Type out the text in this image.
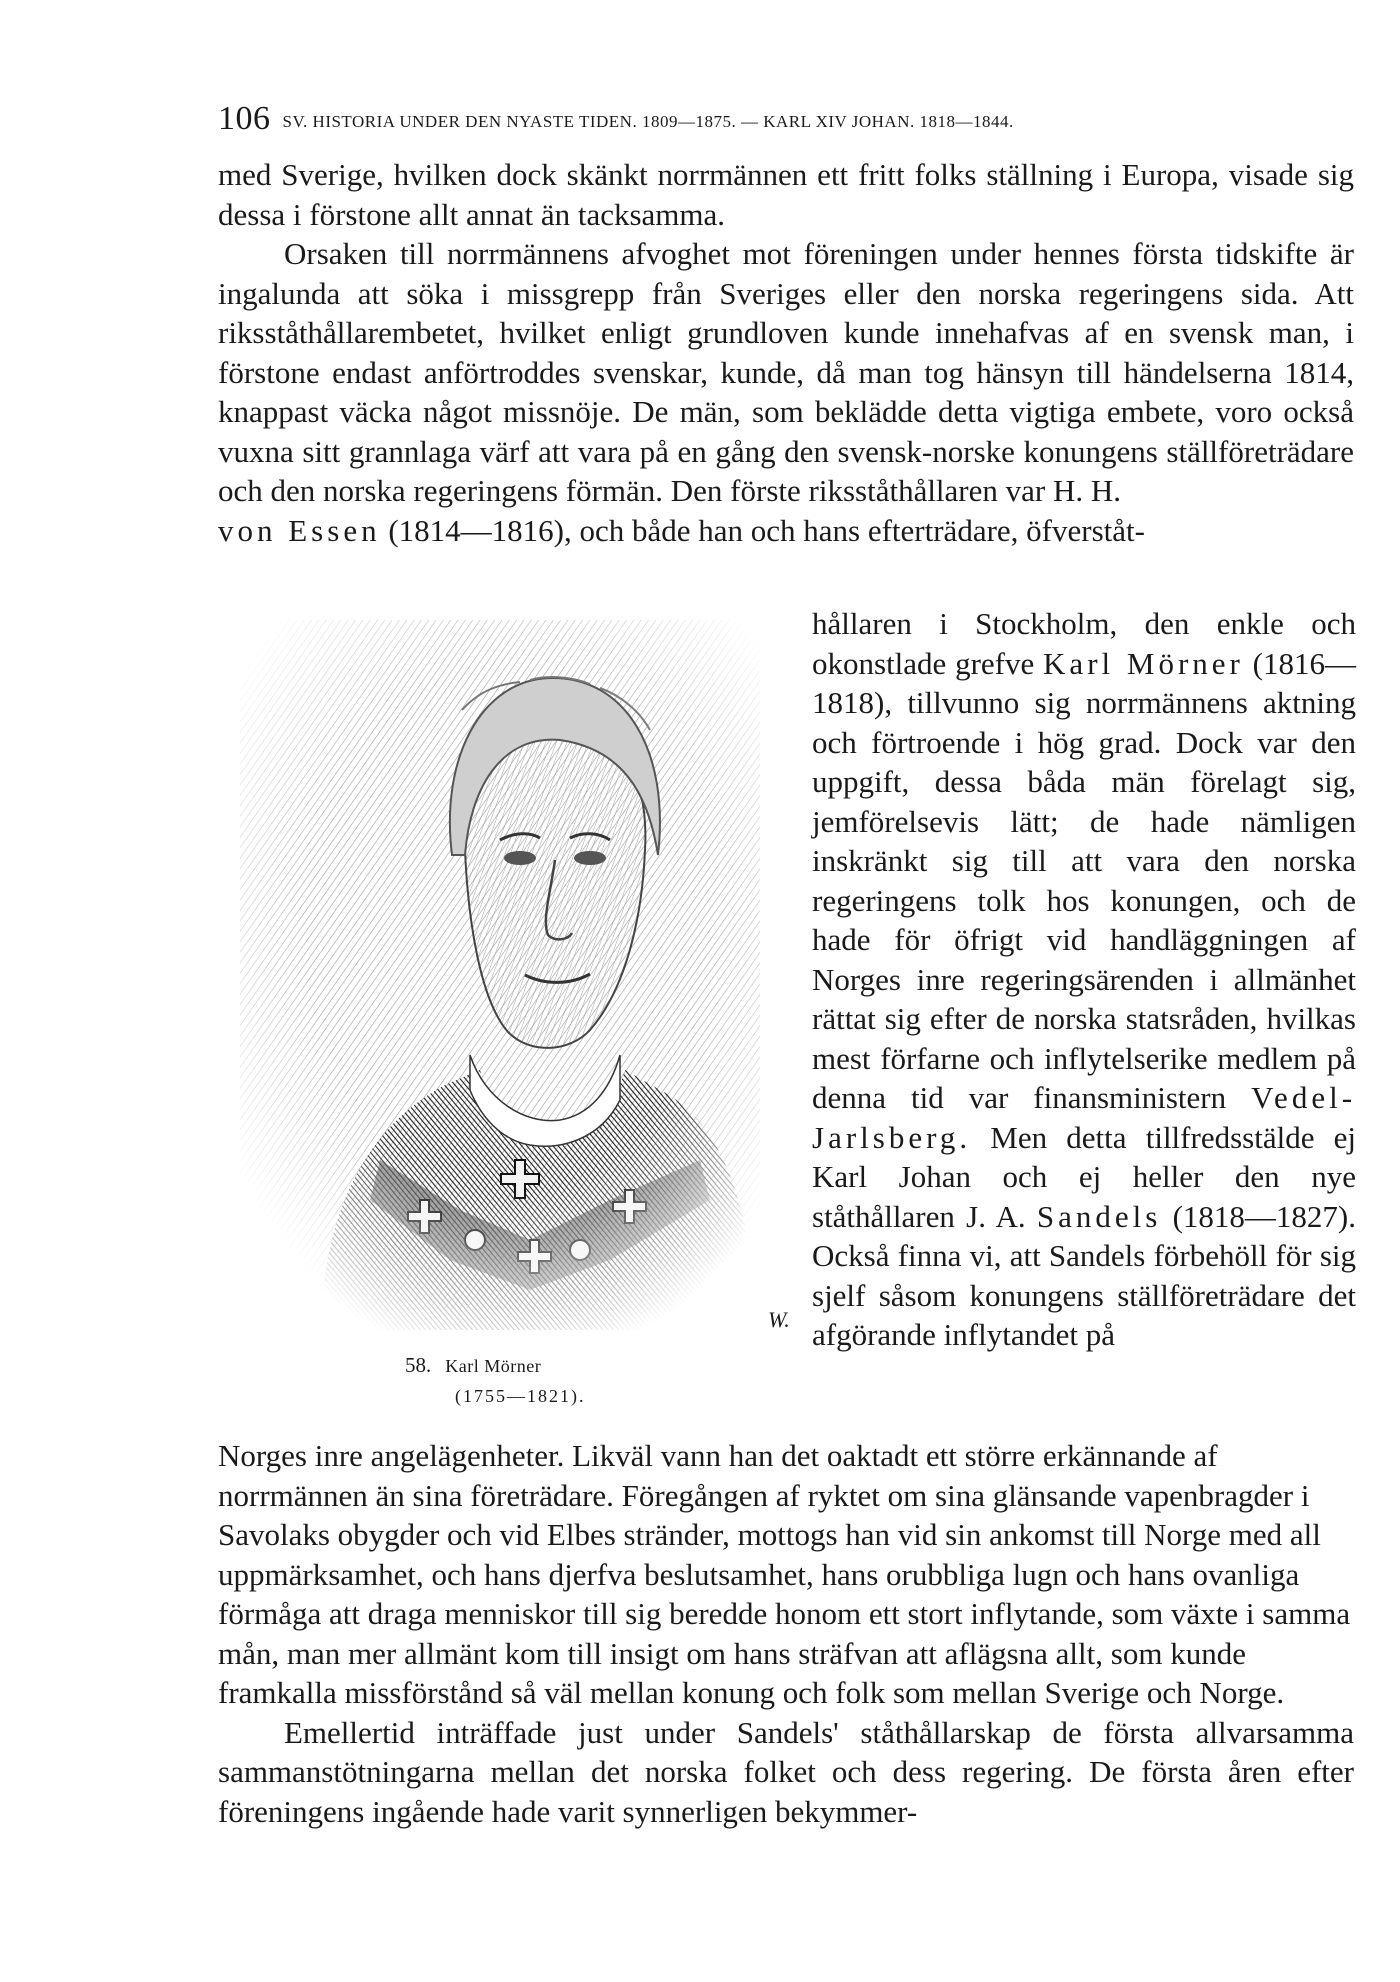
106 SV. HISTORIA UNDER DEN NYASTE TIDEN. 1809—1875. — KARL XIV JOHAN. 1818—1844.

med Sverige, hvilken dock skänkt norrmännen ett fritt folks ställning i Europa, visade sig dessa i förstone allt annat än tacksamma.

Orsaken till norrmännens afvoghet mot föreningen under hennes första tidskifte är ingalunda att söka i missgrepp från Sveriges eller den norska regeringens sida. Att riksståthållarembetet, hvilket enligt grundloven kunde innehafvas af en svensk man, i förstone endast anförtroddes svenskar, kunde, då man tog hänsyn till händelserna 1814, knappast väcka något missnöje. De män, som beklädde detta vigtiga embete, voro också vuxna sitt grannlaga värf att vara på en gång den svensk-norske konungens ställföreträdare och den norska regeringens förmän. Den förste riksståthållaren var H. H.

von Essen (1814—1816), och både han och hans efterträdare, öfverståt-

W.
58. Karl Mörner
(1755—1821).

hållaren i Stockholm, den enkle och okonstlade grefve Karl Mörner (1816—1818), tillvunno sig norrmännens aktning och förtroende i hög grad. Dock var den uppgift, dessa båda män förelagt sig, jemförelsevis lätt; de hade nämligen inskränkt sig till att vara den norska regeringens tolk hos konungen, och de hade för öfrigt vid handläggningen af Norges inre regeringsärenden i allmänhet rättat sig efter de norska statsråden, hvilkas mest förfarne och inflytelserike medlem på denna tid var finansministern Vedel-Jarlsberg. Men detta tillfredsstälde ej Karl Johan och ej heller den nye ståthållaren J. A. Sandels (1818—1827). Också finna vi, att Sandels förbehöll för sig sjelf såsom konungens ställföreträdare det afgörande inflytandet på

Norges inre angelägenheter. Likväl vann han det oaktadt ett större erkännande af norrmännen än sina företrädare. Föregången af ryktet om sina glänsande vapenbragder i Savolaks obygder och vid Elbes stränder, mottogs han vid sin ankomst till Norge med all uppmärksamhet, och hans djerfva beslutsamhet, hans orubbliga lugn och hans ovanliga förmåga att draga menniskor till sig beredde honom ett stort inflytande, som växte i samma mån, man mer allmänt kom till insigt om hans sträfvan att aflägsna allt, som kunde framkalla missförstånd så väl mellan konung och folk som mellan Sverige och Norge.

Emellertid inträffade just under Sandels' ståthållarskap de första allvarsamma sammanstötningarna mellan det norska folket och dess regering. De första åren efter föreningens ingående hade varit synnerligen bekymmer-
